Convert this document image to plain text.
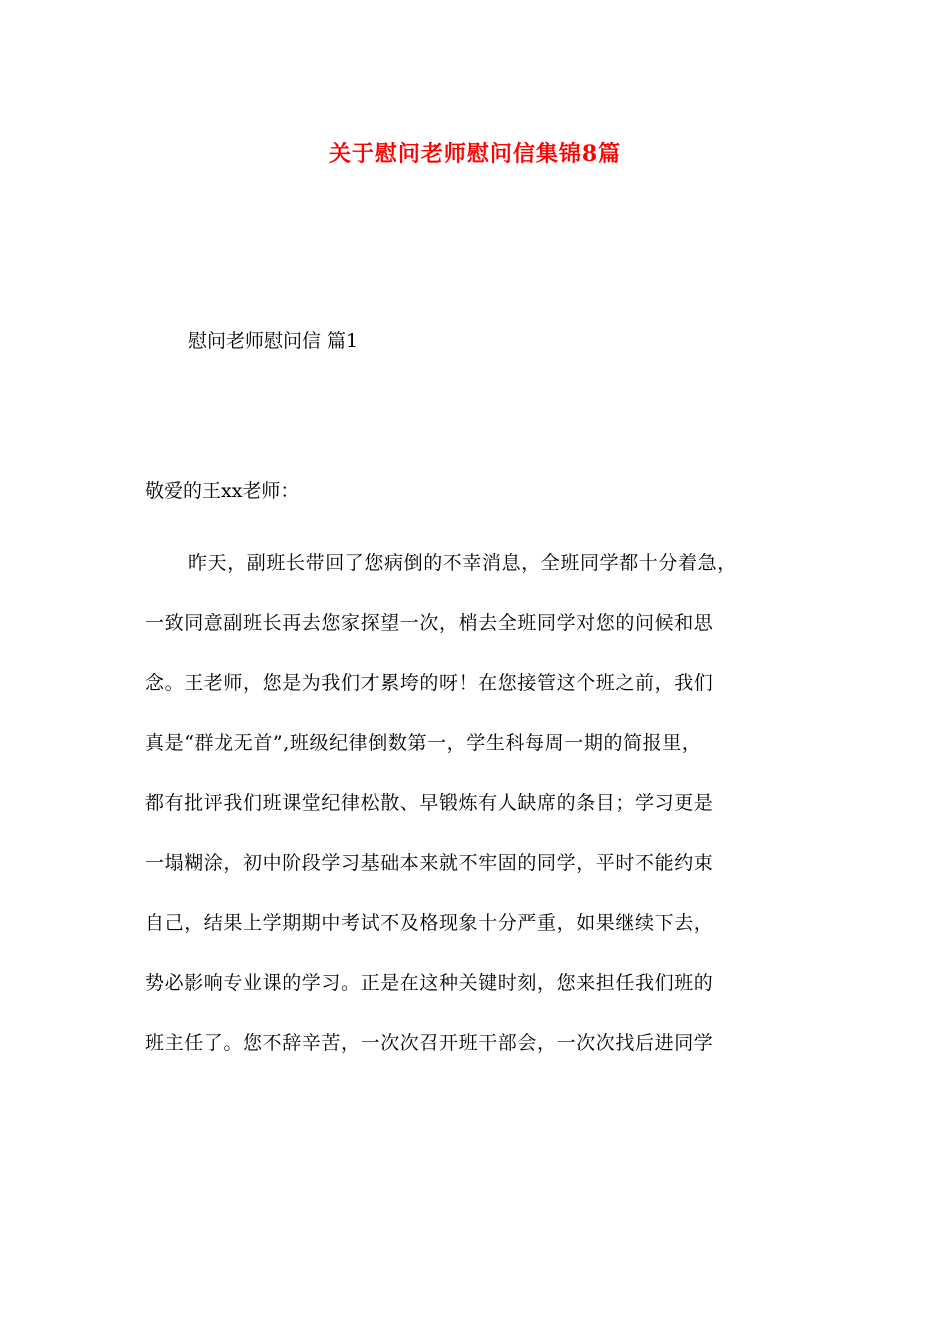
关于慰问老师慰问信集锦8篇
慰问老师慰问信 篇1
敬爱的王xx老师：
昨天，副班长带回了您病倒的不幸消息，全班同学都十分着急，
一致同意副班长再去您家探望一次，梢去全班同学对您的问候和思
念。王老师，您是为我们才累垮的呀！在您接管这个班之前，我们
真是“群龙无首”,班级纪律倒数第一，学生科每周一期的简报里，
都有批评我们班课堂纪律松散、早锻炼有人缺席的条目；学习更是
一塌糊涂，初中阶段学习基础本来就不牢固的同学，平时不能约束
自己，结果上学期期中考试不及格现象十分严重，如果继续下去，
势必影响专业课的学习。正是在这种关键时刻，您来担任我们班的
班主任了。您不辞辛苦，一次次召开班干部会，一次次找后进同学
